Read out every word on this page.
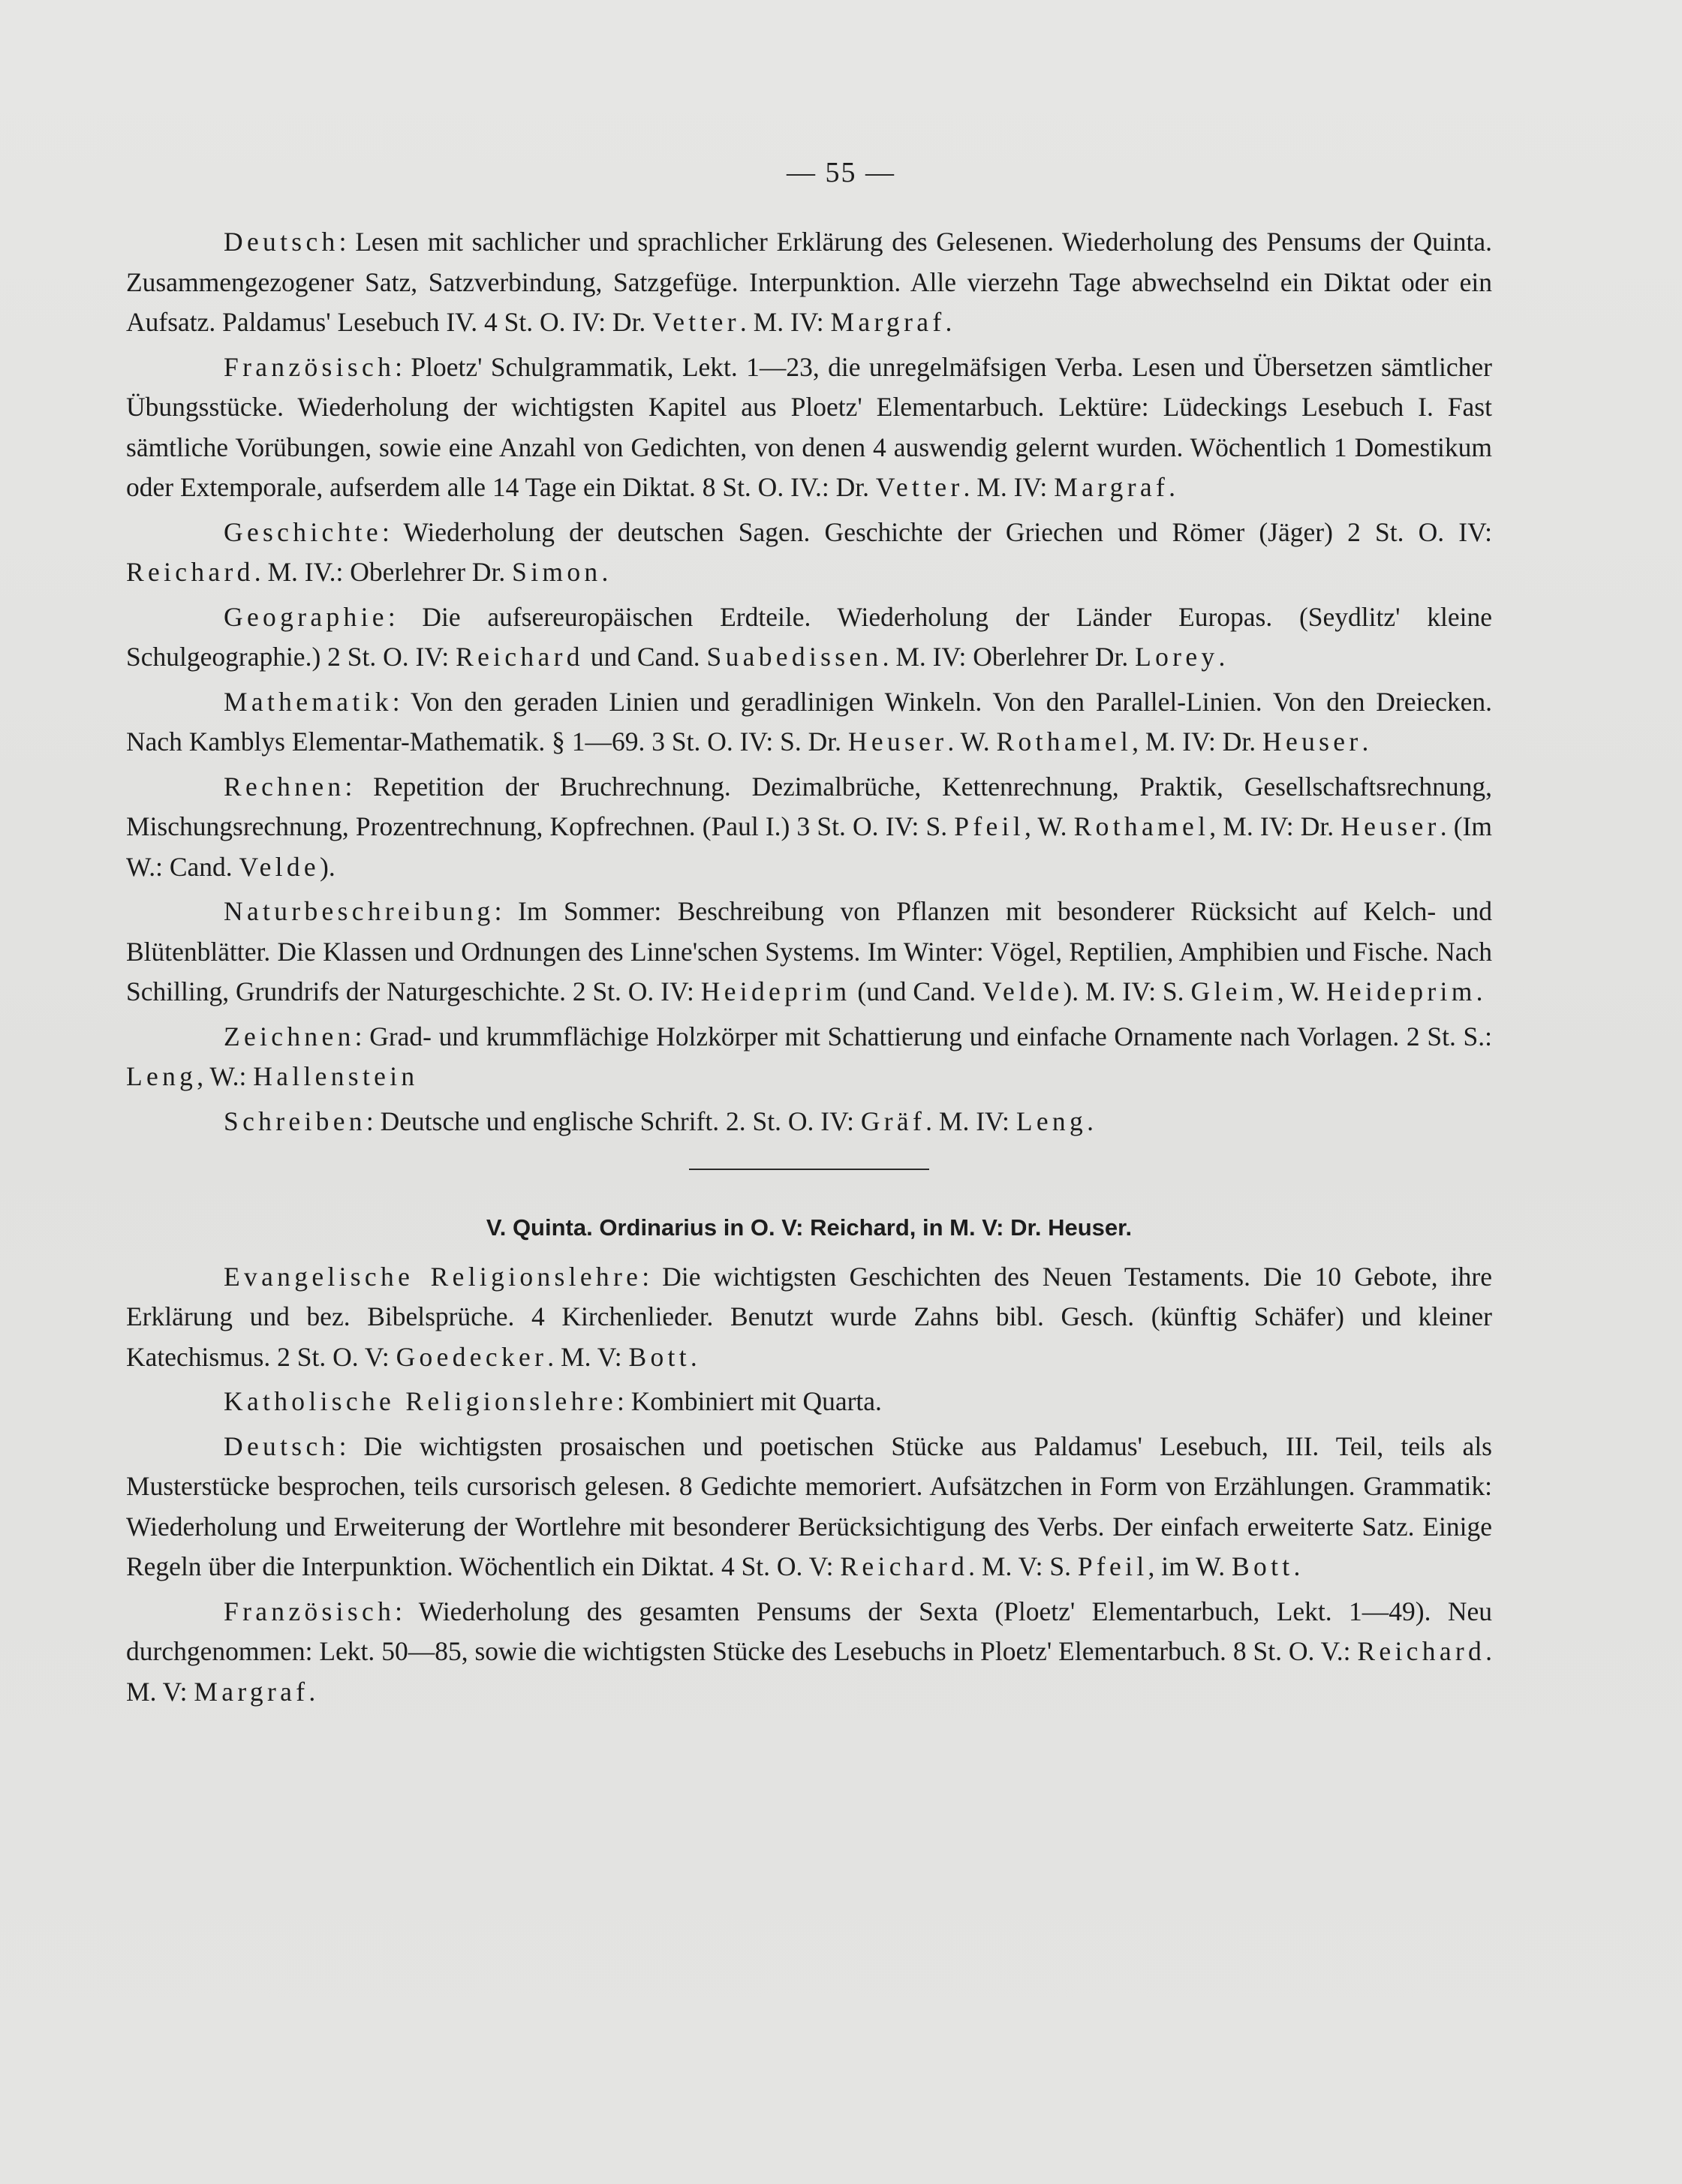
— 55 —

Deutsch: Lesen mit sachlicher und sprachlicher Erklärung des Gelesenen. Wiederholung des Pensums der Quinta. Zusammengezogener Satz, Satzverbindung, Satzgefüge. Interpunktion. Alle vierzehn Tage abwechselnd ein Diktat oder ein Aufsatz. Paldamus' Lesebuch IV. 4 St. O. IV: Dr. Vetter. M. IV: Margraf.

Französisch: Ploetz' Schulgrammatik, Lekt. 1—23, die unregelmäfsigen Verba. Lesen und Übersetzen sämtlicher Übungsstücke. Wiederholung der wichtigsten Kapitel aus Ploetz' Elementarbuch. Lektüre: Lüdeckings Lesebuch I. Fast sämtliche Vorübungen, sowie eine Anzahl von Gedichten, von denen 4 auswendig gelernt wurden. Wöchentlich 1 Domestikum oder Extemporale, aufserdem alle 14 Tage ein Diktat. 8 St. O. IV.: Dr. Vetter. M. IV: Margraf.

Geschichte: Wiederholung der deutschen Sagen. Geschichte der Griechen und Römer (Jäger) 2 St. O. IV: Reichard. M. IV.: Oberlehrer Dr. Simon.

Geographie: Die aufsereuropäischen Erdteile. Wiederholung der Länder Europas. (Seydlitz' kleine Schulgeographie.) 2 St. O. IV: Reichard und Cand. Suabedissen. M. IV: Oberlehrer Dr. Lorey.

Mathematik: Von den geraden Linien und geradlinigen Winkeln. Von den Parallel-Linien. Von den Dreiecken. Nach Kamblys Elementar-Mathematik. § 1—69. 3 St. O. IV: S. Dr. Heuser. W. Rothamel, M. IV: Dr. Heuser.

Rechnen: Repetition der Bruchrechnung. Dezimalbrüche, Kettenrechnung, Praktik, Gesellschaftsrechnung, Mischungsrechnung, Prozentrechnung, Kopfrechnen. (Paul I.) 3 St. O. IV: S. Pfeil, W. Rothamel, M. IV: Dr. Heuser. (Im W.: Cand. Velde).

Naturbeschreibung: Im Sommer: Beschreibung von Pflanzen mit besonderer Rücksicht auf Kelch- und Blütenblätter. Die Klassen und Ordnungen des Linne'schen Systems. Im Winter: Vögel, Reptilien, Amphibien und Fische. Nach Schilling, Grundrifs der Naturgeschichte. 2 St. O. IV: Heideprim (und Cand. Velde). M. IV: S. Gleim, W. Heideprim.

Zeichnen: Grad- und krummflächige Holzkörper mit Schattierung und einfache Ornamente nach Vorlagen. 2 St. S.: Leng, W.: Hallenstein

Schreiben: Deutsche und englische Schrift. 2. St. O. IV: Gräf. M. IV: Leng.

V. Quinta. Ordinarius in O. V: Reichard, in M. V: Dr. Heuser.

Evangelische Religionslehre: Die wichtigsten Geschichten des Neuen Testaments. Die 10 Gebote, ihre Erklärung und bez. Bibelsprüche. 4 Kirchenlieder. Benutzt wurde Zahns bibl. Gesch. (künftig Schäfer) und kleiner Katechismus. 2 St. O. V: Goedecker. M. V: Bott.

Katholische Religionslehre: Kombiniert mit Quarta.

Deutsch: Die wichtigsten prosaischen und poetischen Stücke aus Paldamus' Lesebuch, III. Teil, teils als Musterstücke besprochen, teils cursorisch gelesen. 8 Gedichte memoriert. Aufsätzchen in Form von Erzählungen. Grammatik: Wiederholung und Erweiterung der Wortlehre mit besonderer Berücksichtigung des Verbs. Der einfach erweiterte Satz. Einige Regeln über die Interpunktion. Wöchentlich ein Diktat. 4 St. O. V: Reichard. M. V: S. Pfeil, im W. Bott.

Französisch: Wiederholung des gesamten Pensums der Sexta (Ploetz' Elementarbuch, Lekt. 1—49). Neu durchgenommen: Lekt. 50—85, sowie die wichtigsten Stücke des Lesebuchs in Ploetz' Elementarbuch. 8 St. O. V.: Reichard. M. V: Margraf.
